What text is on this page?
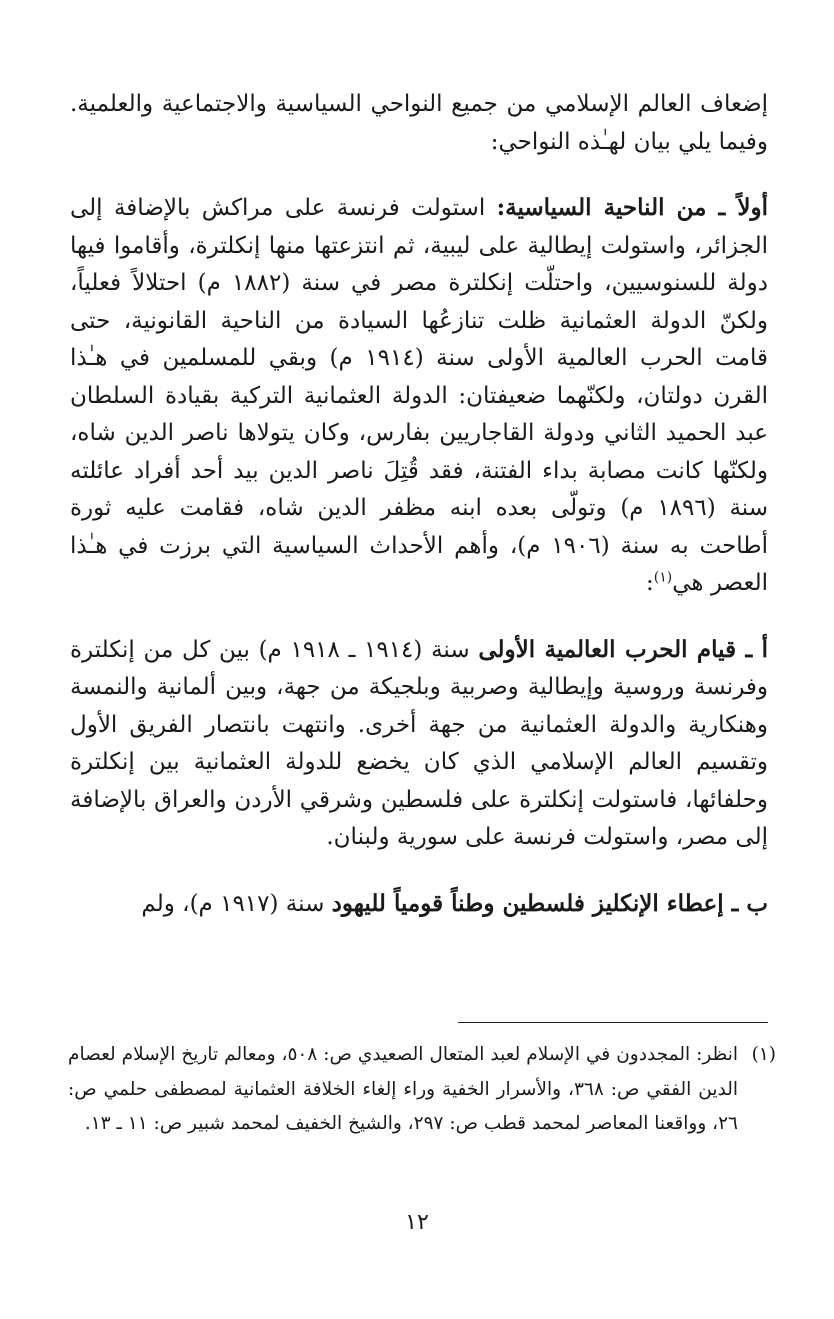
إضعاف العالم الإسلامي من جميع النواحي السياسية والاجتماعية والعلمية. وفيما يلي بيان لهـٰذه النواحي:

أولاً ـ من الناحية السياسية: استولت فرنسة على مراكش بالإضافة إلى الجزائر، واستولت إيطالية على ليبية، ثم انتزعتها منها إنكلترة، وأقاموا فيها دولة للسنوسيين، واحتلّت إنكلترة مصر في سنة (١٨٨٢ م) احتلالاً فعلياً، ولكنّ الدولة العثمانية ظلت تنازعُها السيادة من الناحية القانونية، حتى قامت الحرب العالمية الأولى سنة (١٩١٤ م) وبقي للمسلمين في هـٰذا القرن دولتان، ولكنّهما ضعيفتان: الدولة العثمانية التركية بقيادة السلطان عبد الحميد الثاني ودولة القاجاريين بفارس، وكان يتولاها ناصر الدين شاه، ولكنّها كانت مصابة بداء الفتنة، فقد قُتِلَ ناصر الدين بيد أحد أفراد عائلته سنة (١٨٩٦ م) وتولّى بعده ابنه مظفر الدين شاه، فقامت عليه ثورة أطاحت به سنة (١٩٠٦ م)، وأهم الأحداث السياسية التي برزت في هـٰذا العصر هي$^{(١)}$:

أ ـ قيام الحرب العالمية الأولى سنة (١٩١٤ ـ ١٩١٨ م) بين كل من إنكلترة وفرنسة وروسية وإيطالية وصربية وبلجيكة من جهة، وبين ألمانية والنمسة وهنكارية والدولة العثمانية من جهة أخرى. وانتهت بانتصار الفريق الأول وتقسيم العالم الإسلامي الذي كان يخضع للدولة العثمانية بين إنكلترة وحلفائها، فاستولت إنكلترة على فلسطين وشرقي الأردن والعراق بالإضافة إلى مصر، واستولت فرنسة على سورية ولبنان.

ب ـ إعطاء الإنكليز فلسطين وطناً قومياً لليهود سنة (١٩١٧ م)، ولم

(١)
انظر: المجددون في الإسلام لعبد المتعال الصعيدي ص: ٥٠٨، ومعالم تاريخ الإسلام لعصام الدين الفقي ص: ٣٦٨، والأسرار الخفية وراء إلغاء الخلافة العثمانية لمصطفى حلمي ص: ٢٦، وواقعنا المعاصر لمحمد قطب ص: ٢٩٧، والشيخ الخفيف لمحمد شبير ص: ١١ ـ ١٣.
١٢
